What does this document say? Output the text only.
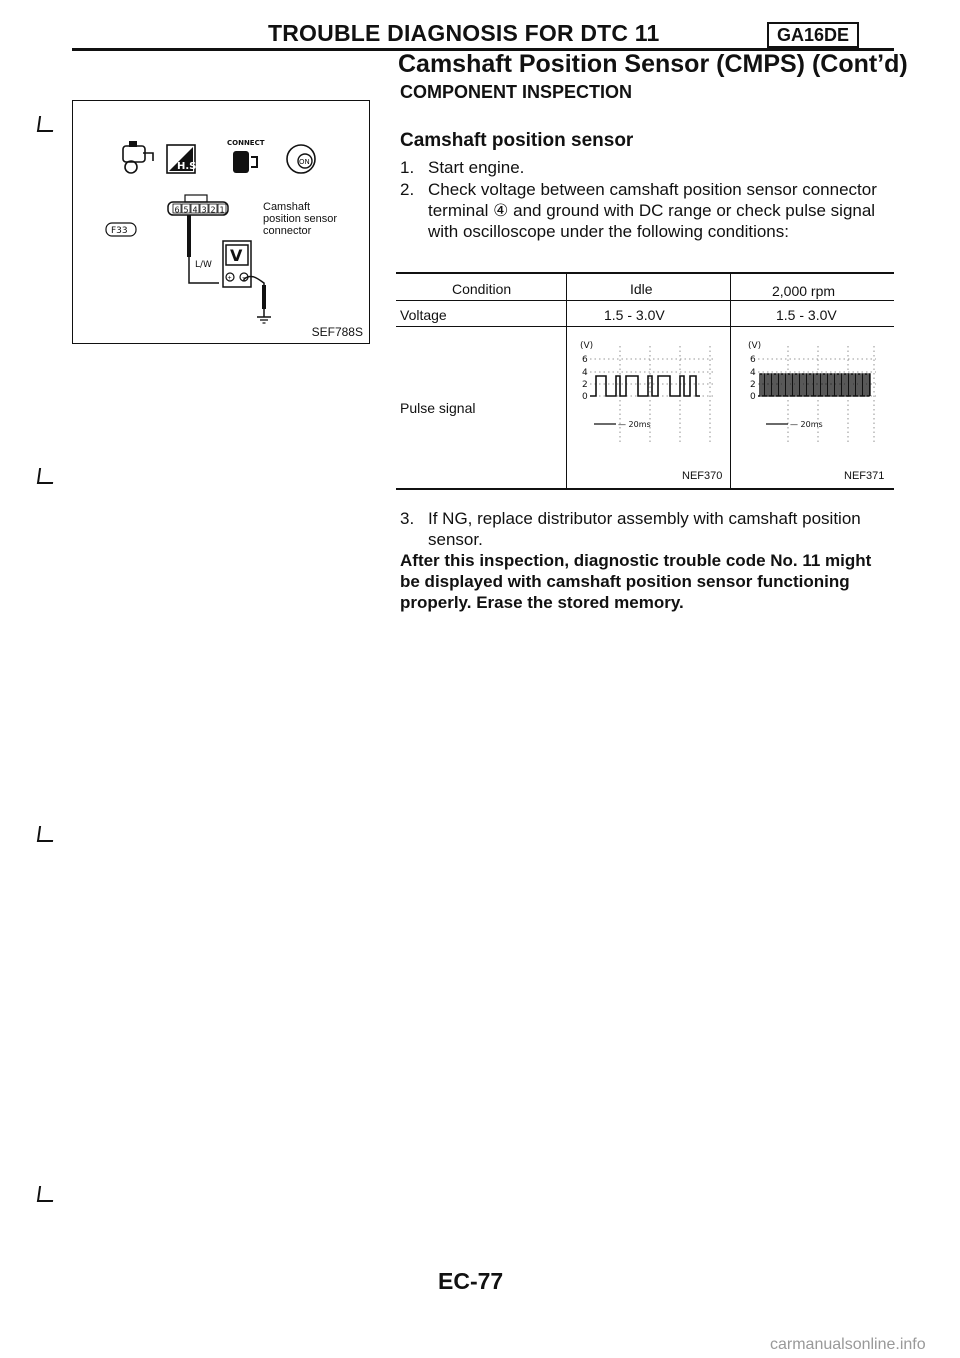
TROUBLE DIAGNOSIS FOR DTC 11	GA16DE
Camshaft Position Sensor (CMPS) (Cont’d)
COMPONENT INSPECTION
Camshaft position sensor
1. Start engine.
2. Check voltage between camshaft position sensor connector
terminal ④ and ground with DC range or check pulse signal
with oscilloscope under the following conditions:
H.S.
CONNECT
ON
6 5 4 3 2 1
F33
L/W V
+ −
Camshaft
position sensor
connector
SEF788S
Condition	Idle	2,000 rpm
Voltage	1.5 - 3.0V	1.5 - 3.0V
Pulse signal
(V)
6
4
2
0
— 20ms
NEF370
(V)
6
4
2
0
— 20ms
NEF371
3. If NG, replace distributor assembly with camshaft position
sensor.
After this inspection, diagnostic trouble code No. 11 might be displayed with camshaft position sensor functioning properly. Erase the stored memory.
EC-77
carmanualsonline.info
